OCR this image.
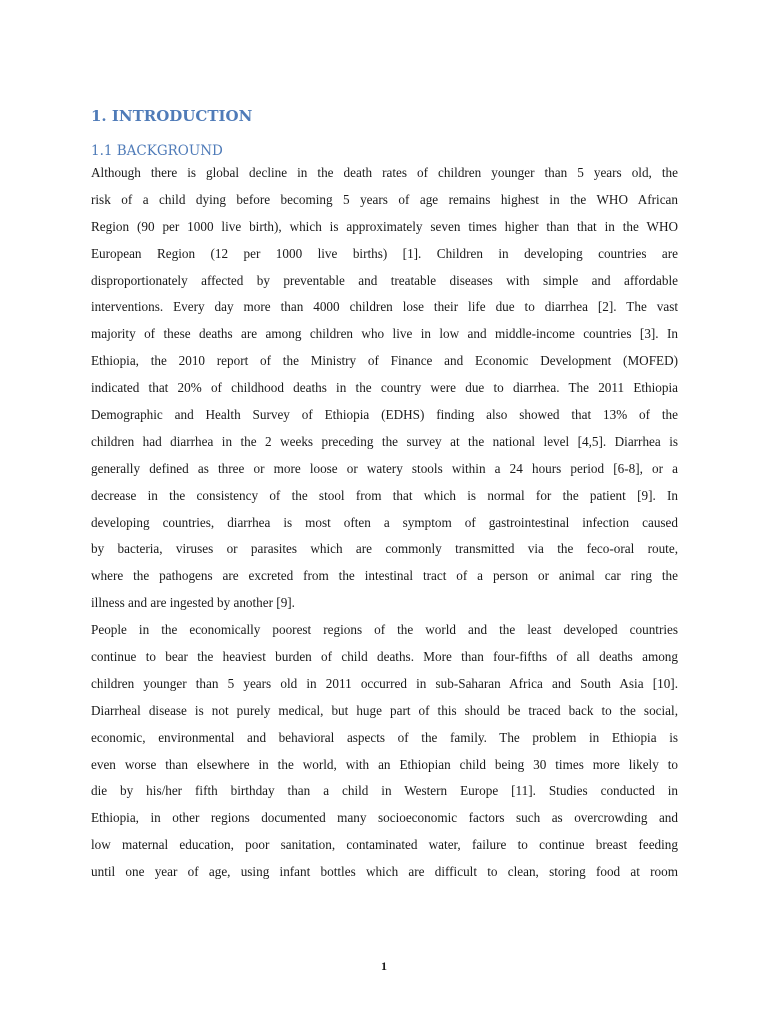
1. INTRODUCTION
1.1 BACKGROUND
Although there is global decline in the death rates of children younger than 5 years old, the
risk of a child dying before becoming 5 years of age remains highest in the WHO African
Region (90 per 1000 live birth), which is approximately seven times higher than that in the WHO
European Region (12 per 1000 live births) [1]. Children in developing countries are
disproportionately affected by preventable and treatable diseases with simple and affordable
interventions. Every day more than 4000 children lose their life due to diarrhea [2]. The vast
majority of these deaths are among children who live in low and middle-income countries [3]. In
Ethiopia, the 2010 report of the Ministry of Finance and Economic Development (MOFED)
indicated that 20% of childhood deaths in the country were due to diarrhea. The 2011 Ethiopia
Demographic and Health Survey of Ethiopia (EDHS) finding also showed that 13% of the
children had diarrhea in the 2 weeks preceding the survey at the national level [4,5]. Diarrhea is
generally defined as three or more loose or watery stools within a 24 hours period [6-8], or a
decrease in the consistency of the stool from that which is normal for the patient [9]. In
developing countries, diarrhea is most often a symptom of gastrointestinal infection caused
by bacteria, viruses or parasites which are commonly transmitted via the feco-oral route,
where the pathogens are excreted from the intestinal tract of a person or animal car ring the
illness and are ingested by another [9].
People in the economically poorest regions of the world and the least developed countries
continue to bear the heaviest burden of child deaths. More than four-fifths of all deaths among
children younger than 5 years old in 2011 occurred in sub-Saharan Africa and South Asia [10].
Diarrheal disease is not purely medical, but huge part of this should be traced back to the social,
economic, environmental and behavioral aspects of the family. The problem in Ethiopia is
even worse than elsewhere in the world, with an Ethiopian child being 30 times more likely to
die by his/her fifth birthday than a child in Western Europe [11]. Studies conducted in
Ethiopia, in other regions documented many socioeconomic factors such as overcrowding and
low maternal education, poor sanitation, contaminated water, failure to continue breast feeding
until one year of age, using infant bottles which are difficult to clean, storing food at room
1
